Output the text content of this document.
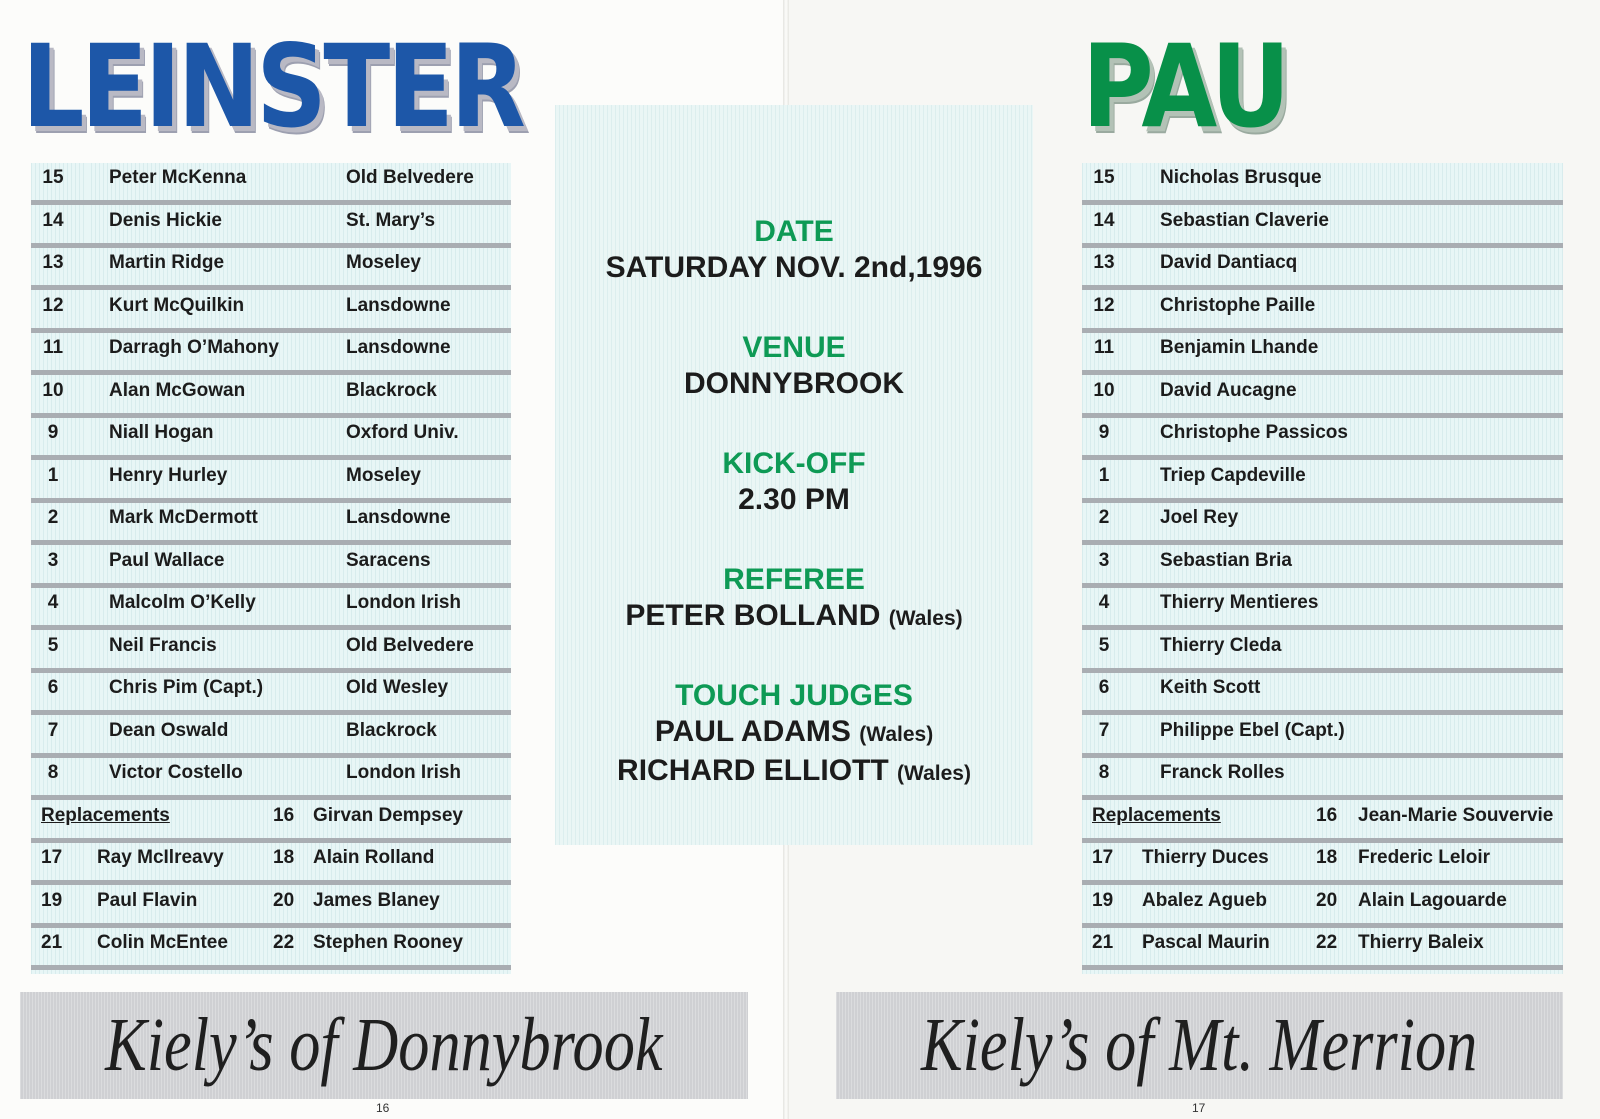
LEINSTER	PAU
15	Peter McKenna	Old Belvedere
14	Denis Hickie	St. Mary’s
13	Martin Ridge	Moseley
12	Kurt McQuilkin	Lansdowne
11	Darragh O’Mahony	Lansdowne
10	Alan McGowan	Blackrock
9	Niall Hogan	Oxford Univ.
1	Henry Hurley	Moseley
2	Mark McDermott	Lansdowne
3	Paul Wallace	Saracens
4	Malcolm O’Kelly	London Irish
5	Neil Francis	Old Belvedere
6	Chris Pim (Capt.)	Old Wesley
7	Dean Oswald	Blackrock
8	Victor Costello	London Irish
Replacements	16 Girvan Dempsey
17 Ray McIlreavy	18 Alain Rolland
19 Paul Flavin	20 James Blaney
21 Colin McEntee 22 Stephen Rooney
15	Nicholas Brusque
14	Sebastian Claverie
13	David Dantiacq
12	Christophe Paille
11	Benjamin Lhande
10	David Aucagne
9	Christophe Passicos
1	Triep Capdeville
2	Joel Rey
3	Sebastian Bria
4	Thierry Mentieres
5	Thierry Cleda
6	Keith Scott
7	Philippe Ebel (Capt.)
8	Franck Rolles
Replacements	16 Jean-Marie Souvervie
17 Thierry Duces 18 Frederic Leloir
19 Abalez Agueb	20 Alain Lagouarde
21 Pascal Maurin 22 Thierry Baleix
DATE
SATURDAY NOV. 2nd,1996
VENUE
DONNYBROOK
KICK-OFF
2.30 PM
REFEREE
PETER BOLLAND (Wales)
TOUCH JUDGES
PAUL ADAMS (Wales)
RICHARD ELLIOTT (Wales)
Kiely’s of Donnybrook	Kiely’s of Mt. Merrion
16	17
